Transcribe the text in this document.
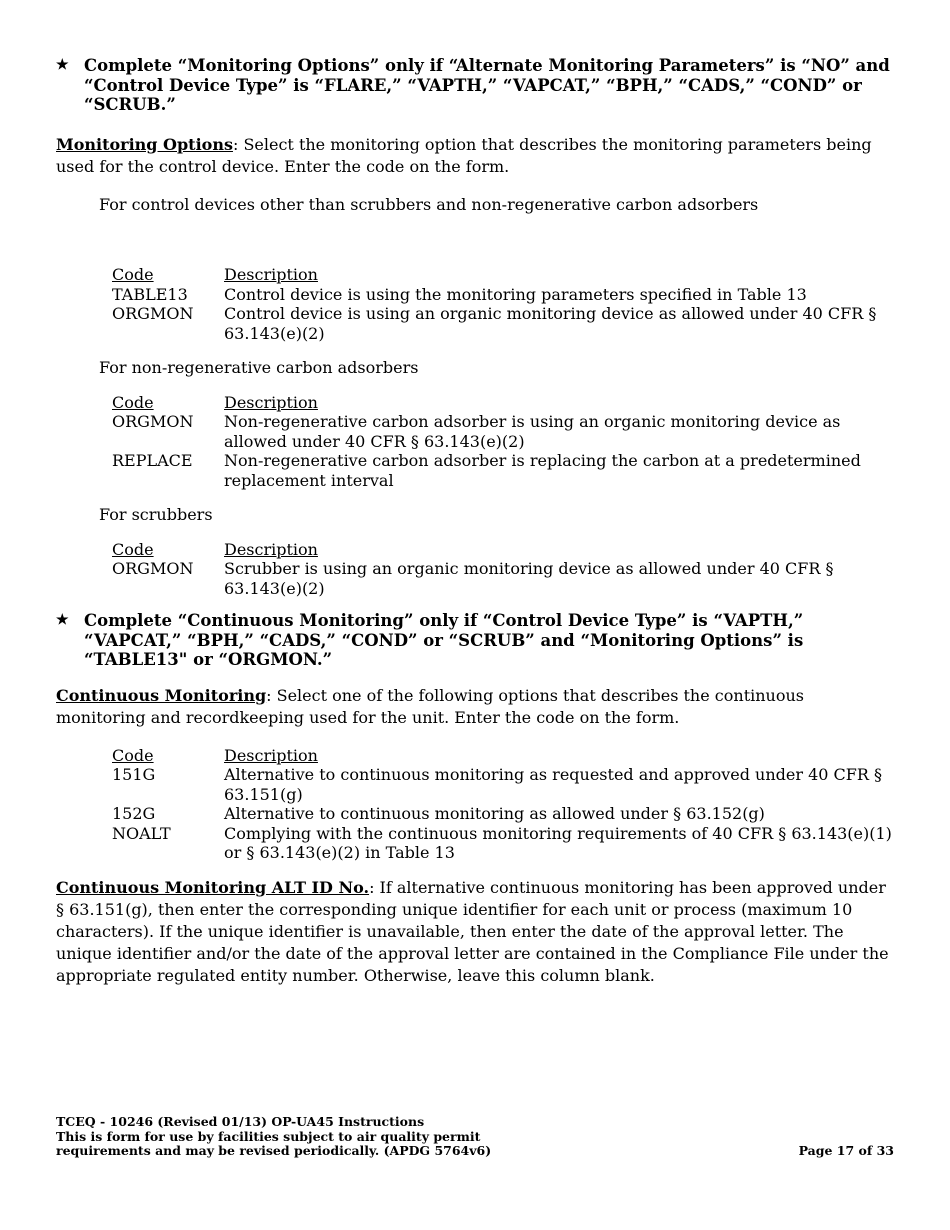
★ Complete “Monitoring Options” only if “Alternate Monitoring Parameters” is “NO” and “Control Device Type” is “FLARE,” “VAPTH,” “VAPCAT,” “BPH,” “CADS,” “COND” or “SCRUB.”

Monitoring Options: Select the monitoring option that describes the monitoring parameters being used for the control device. Enter the code on the form.

For control devices other than scrubbers and non-regenerative carbon adsorbers
Code	Description
TABLE13	Control device is using the monitoring parameters specified in Table 13
ORGMON	Control device is using an organic monitoring device as allowed under 40 CFR § 63.143(e)(2)
For non-regenerative carbon adsorbers
Code	Description
ORGMON	Non-regenerative carbon adsorber is using an organic monitoring device as allowed under 40 CFR § 63.143(e)(2)
REPLACE	Non-regenerative carbon adsorber is replacing the carbon at a predetermined replacement interval
For scrubbers
Code	Description
ORGMON	Scrubber is using an organic monitoring device as allowed under 40 CFR § 63.143(e)(2)
★ Complete “Continuous Monitoring” only if “Control Device Type” is “VAPTH,” “VAPCAT,” “BPH,” “CADS,” “COND” or “SCRUB” and “Monitoring Options” is “TABLE13" or “ORGMON.”

Continuous Monitoring: Select one of the following options that describes the continuous monitoring and recordkeeping used for the unit. Enter the code on the form.

Code	Description
151G	Alternative to continuous monitoring as requested and approved under 40 CFR § 63.151(g)
152G	Alternative to continuous monitoring as allowed under § 63.152(g)
NOALT	Complying with the continuous monitoring requirements of 40 CFR § 63.143(e)(1) or § 63.143(e)(2) in Table 13

Continuous Monitoring ALT ID No.: If alternative continuous monitoring has been approved under § 63.151(g), then enter the corresponding unique identifier for each unit or process (maximum 10 characters). If the unique identifier is unavailable, then enter the date of the approval letter. The unique identifier and/or the date of the approval letter are contained in the Compliance File under the appropriate regulated entity number. Otherwise, leave this column blank.

TCEQ - 10246 (Revised 01/13) OP-UA45 Instructions
This is form for use by facilities subject to air quality permit
requirements and may be revised periodically. (APDG 5764v6)	Page 17 of 33
